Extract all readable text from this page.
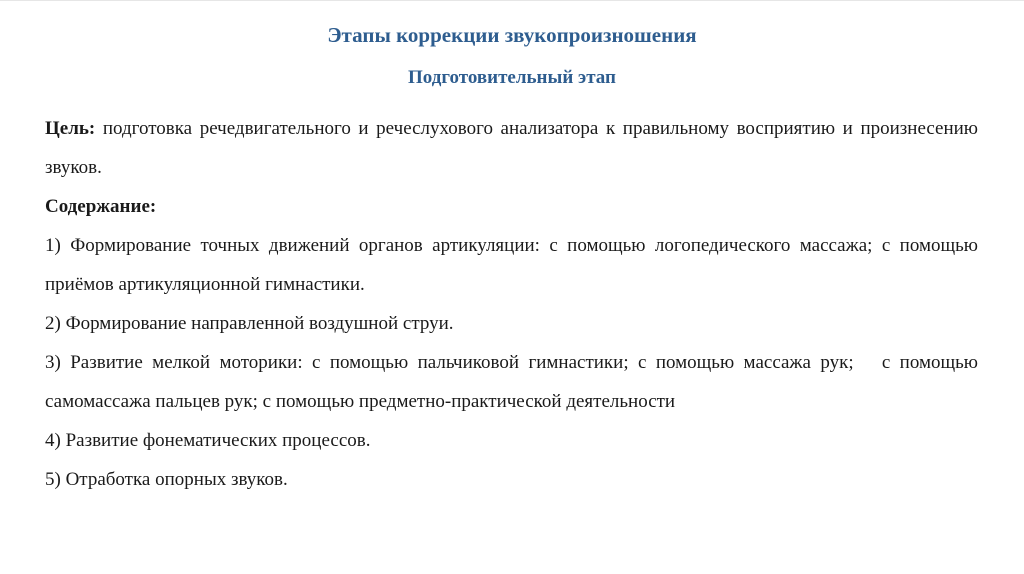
Этапы коррекции звукопроизношения
Подготовительный этап

Цель: подготовка речедвигательного и речеслухового анализатора к правильному восприятию и произнесению звуков.

Содержание:

1) Формирование точных движений органов артикуляции: с помощью логопедического массажа; с помощью приёмов артикуляционной гимнастики.

2) Формирование направленной воздушной струи.

3) Развитие мелкой моторики: с помощью пальчиковой гимнастики; с помощью массажа рук;   с помощью самомассажа пальцев рук; с помощью предметно-практической деятельности

4) Развитие фонематических процессов.

5) Отработка опорных звуков.
